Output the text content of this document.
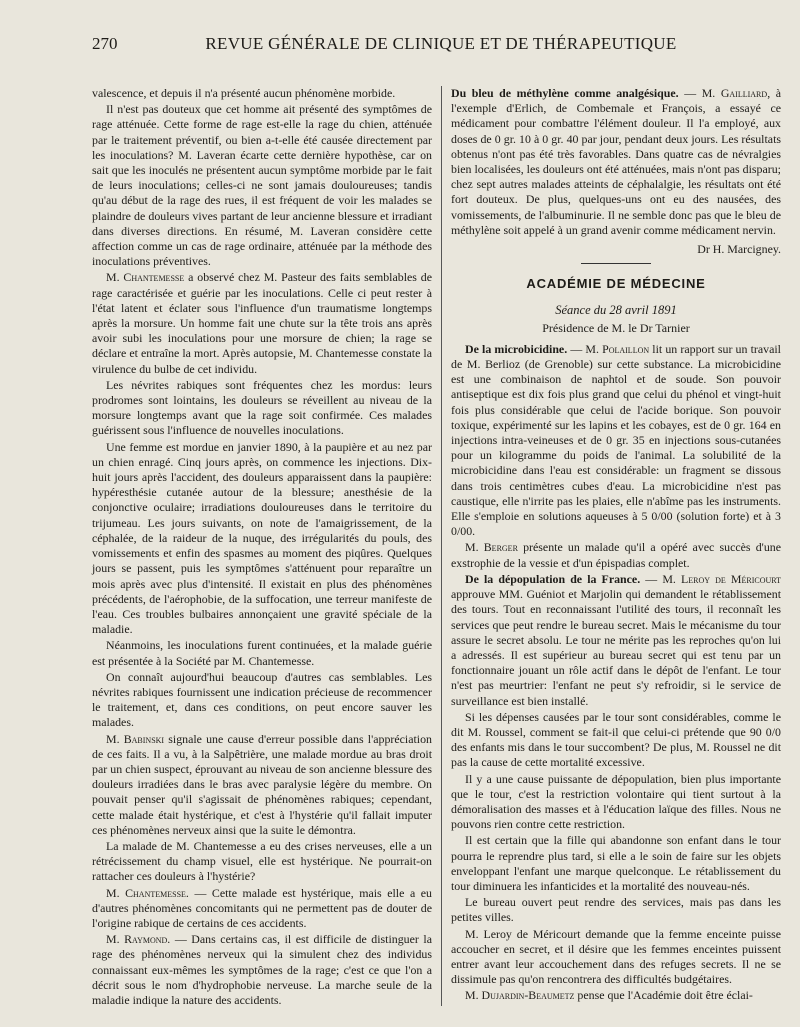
270	REVUE GÉNÉRALE DE CLINIQUE ET DE THÉRAPEUTIQUE

valescence, et depuis il n'a présenté aucun phénomène morbide.

Il n'est pas douteux que cet homme ait présenté des symptômes de rage atténuée. Cette forme de rage est-elle la rage du chien, atténuée par le traitement préventif, ou bien a-t-elle été causée directement par les inoculations? M. Laveran écarte cette dernière hypothèse, car on sait que les inoculés ne présentent aucun symptôme morbide par le fait de leurs inoculations; celles-ci ne sont jamais douloureuses; tandis qu'au début de la rage des rues, il est fréquent de voir les malades se plaindre de douleurs vives partant de leur ancienne blessure et irradiant dans diverses directions. En résumé, M. Laveran considère cette affection comme un cas de rage ordinaire, atténuée par la méthode des inoculations préventives.

M. Chantemesse a observé chez M. Pasteur des faits semblables de rage caractérisée et guérie par les inoculations. Celle ci peut rester à l'état latent et éclater sous l'influence d'un traumatisme longtemps après la morsure. Un homme fait une chute sur la tête trois ans après avoir subi les inoculations pour une morsure de chien; la rage se déclare et entraîne la mort. Après autopsie, M. Chantemesse constate la virulence du bulbe de cet individu.

Les névrites rabiques sont fréquentes chez les mordus: leurs prodromes sont lointains, les douleurs se réveillent au niveau de la morsure longtemps avant que la rage soit confirmée. Ces malades guérissent sous l'influence de nouvelles inoculations.

Une femme est mordue en janvier 1890, à la paupière et au nez par un chien enragé. Cinq jours après, on commence les injections. Dix-huit jours après l'accident, des douleurs apparaissent dans la paupière: hypéresthésie cutanée autour de la blessure; anesthésie de la conjonctive oculaire; irradiations douloureuses dans le territoire du trijumeau. Les jours suivants, on note de l'amaigrissement, de la céphalée, de la raideur de la nuque, des irrégularités du pouls, des vomissements et enfin des spasmes au moment des piqûres. Quelques jours se passent, puis les symptômes s'atténuent pour reparaître un mois après avec plus d'intensité. Il existait en plus des phénomènes précédents, de l'aérophobie, de la suffocation, une terreur manifeste de l'eau. Ces troubles bulbaires annonçaient une gravité spéciale de la maladie.

Néanmoins, les inoculations furent continuées, et la malade guérie est présentée à la Société par M. Chantemesse.

On connaît aujourd'hui beaucoup d'autres cas semblables. Les névrites rabiques fournissent une indication précieuse de recommencer le traitement, et, dans ces conditions, on peut encore sauver les malades.

M. Babinski signale une cause d'erreur possible dans l'appréciation de ces faits. Il a vu, à la Salpêtrière, une malade mordue au bras droit par un chien suspect, éprouvant au niveau de son ancienne blessure des douleurs irradiées dans le bras avec paralysie légère du membre. On pouvait penser qu'il s'agissait de phénomènes rabiques; cependant, cette malade était hystérique, et c'est à l'hystérie qu'il fallait imputer ces phénomènes nerveux ainsi que la suite le démontra.

La malade de M. Chantemesse a eu des crises nerveuses, elle a un rétrécissement du champ visuel, elle est hystérique. Ne pourrait-on rattacher ces douleurs à l'hystérie?

M. Chantemesse. — Cette malade est hystérique, mais elle a eu d'autres phénomènes concomitants qui ne permettent pas de douter de l'origine rabique de certains de ces accidents.

M. Raymond. — Dans certains cas, il est difficile de distinguer la rage des phénomènes nerveux qui la simulent chez des individus connaissant eux-mêmes les symptômes de la rage; c'est ce que l'on a décrit sous le nom d'hydrophobie nerveuse. La marche seule de la maladie indique la nature des accidents.

Du bleu de méthylène comme analgésique. — M. Gailliard, à l'exemple d'Erlich, de Combemale et François, a essayé ce médicament pour combattre l'élément douleur. Il l'a employé, aux doses de 0 gr. 10 à 0 gr. 40 par jour, pendant deux jours. Les résultats obtenus n'ont pas été très favorables. Dans quatre cas de névralgies bien localisées, les douleurs ont été atténuées, mais n'ont pas disparu; chez sept autres malades atteints de céphalalgie, les résultats ont été fort douteux. De plus, quelques-uns ont eu des nausées, des vomissements, de l'albuminurie. Il ne semble donc pas que le bleu de méthylène soit appelé à un grand avenir comme médicament nervin.

Dr H. Marcigney.

ACADÉMIE DE MÉDECINE
Séance du 28 avril 1891
Présidence de M. le Dr Tarnier

De la microbicidine. — M. Polaillon lit un rapport sur un travail de M. Berlioz (de Grenoble) sur cette substance. La microbicidine est une combinaison de naphtol et de soude. Son pouvoir antiseptique est dix fois plus grand que celui du phénol et vingt-huit fois plus considérable que celui de l'acide borique. Son pouvoir toxique, expérimenté sur les lapins et les cobayes, est de 0 gr. 164 en injections intra-veineuses et de 0 gr. 35 en injections sous-cutanées pour un kilogramme du poids de l'animal. La solubilité de la microbicidine dans l'eau est considérable: un fragment se dissous dans trois centimètres cubes d'eau. La microbicidine n'est pas caustique, elle n'irrite pas les plaies, elle n'abîme pas les instruments. Elle s'emploie en solutions aqueuses à 5 0/00 (solution forte) et à 3 0/00.

M. Berger présente un malade qu'il a opéré avec succès d'une exstrophie de la vessie et d'un épispadias complet.

De la dépopulation de la France. — M. Leroy de Méricourt approuve MM. Guéniot et Marjolin qui demandent le rétablissement des tours. Tout en reconnaissant l'utilité des tours, il reconnaît les services que peut rendre le bureau secret. Mais le mécanisme du tour assure le secret absolu. Le tour ne mérite pas les reproches qu'on lui a adressés. Il est supérieur au bureau secret qui est tenu par un fonctionnaire jouant un rôle actif dans le dépôt de l'enfant. Le tour n'est pas meurtrier: l'enfant ne peut s'y refroidir, si le service de surveillance est bien installé.

Si les dépenses causées par le tour sont considérables, comme le dit M. Roussel, comment se fait-il que celui-ci prétende que 90 0/0 des enfants mis dans le tour succombent? De plus, M. Roussel ne dit pas la cause de cette mortalité excessive.

Il y a une cause puissante de dépopulation, bien plus importante que le tour, c'est la restriction volontaire qui tient surtout à la démoralisation des masses et à l'éducation laïque des filles. Nous ne pouvons rien contre cette restriction.

Il est certain que la fille qui abandonne son enfant dans le tour pourra le reprendre plus tard, si elle a le soin de faire sur les objets enveloppant l'enfant une marque quelconque. Le rétablissement du tour diminuera les infanticides et la mortalité des nouveau-nés.

Le bureau ouvert peut rendre des services, mais pas dans les petites villes.

M. Leroy de Méricourt demande que la femme enceinte puisse accoucher en secret, et il désire que les femmes enceintes puissent entrer avant leur accouchement dans des refuges secrets. Il ne se dissimule pas qu'on rencontrera des difficultés budgétaires.

M. Dujardin-Beaumetz pense que l'Académie doit être éclai-
